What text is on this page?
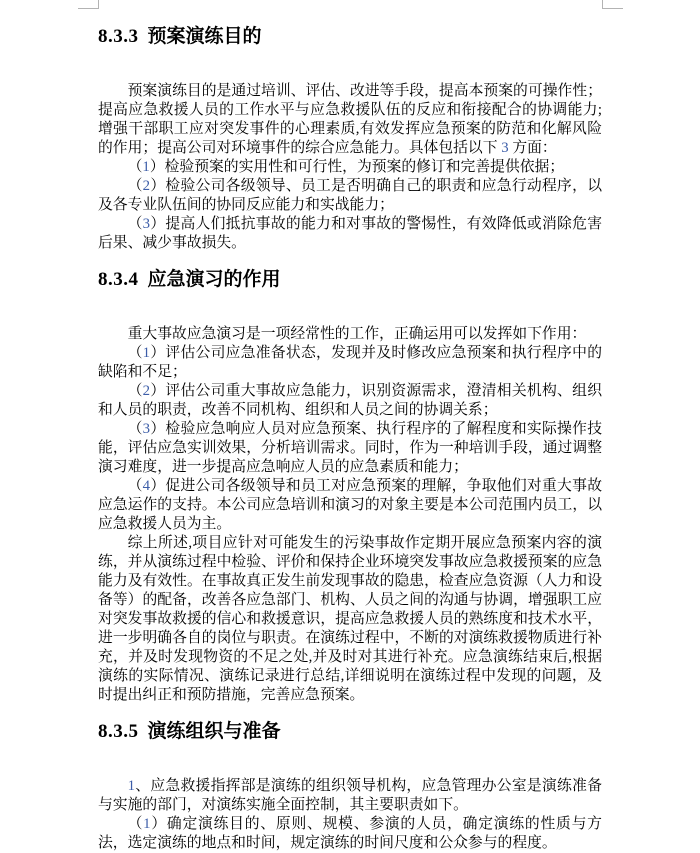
8.3.3 预案演练目的

预案演练目的是通过培训、评估、改进等手段，提高本预案的可操作性；提高应急救援人员的工作水平与应急救援队伍的反应和衔接配合的协调能力;增强干部职工应对突发事件的心理素质,有效发挥应急预案的防范和化解风险的作用；提高公司对环境事件的综合应急能力。具体包括以下 3 方面：

（1）检验预案的实用性和可行性，为预案的修订和完善提供依据；

（2）检验公司各级领导、员工是否明确自己的职责和应急行动程序，以及各专业队伍间的协同反应能力和实战能力；

（3）提高人们抵抗事故的能力和对事故的警惕性，有效降低或消除危害后果、减少事故损失。

8.3.4 应急演习的作用

重大事故应急演习是一项经常性的工作，正确运用可以发挥如下作用：

（1）评估公司应急准备状态，发现并及时修改应急预案和执行程序中的缺陷和不足；

（2）评估公司重大事故应急能力，识别资源需求，澄清相关机构、组织和人员的职责，改善不同机构、组织和人员之间的协调关系；

（3）检验应急响应人员对应急预案、执行程序的了解程度和实际操作技能，评估应急实训效果，分析培训需求。同时，作为一种培训手段，通过调整演习难度，进一步提高应急响应人员的应急素质和能力；

（4）促进公司各级领导和员工对应急预案的理解，争取他们对重大事故应急运作的支持。本公司应急培训和演习的对象主要是本公司范围内员工，以应急救援人员为主。

综上所述,项目应针对可能发生的污染事故作定期开展应急预案内容的演练，并从演练过程中检验、评价和保持企业环境突发事故应急救援预案的应急能力及有效性。在事故真正发生前发现事故的隐患，检查应急资源（人力和设备等）的配备，改善各应急部门、机构、人员之间的沟通与协调，增强职工应对突发事故救援的信心和救援意识，提高应急救援人员的熟练度和技术水平，进一步明确各自的岗位与职责。在演练过程中，不断的对演练救援物质进行补充，并及时发现物资的不足之处,并及时对其进行补充。应急演练结束后,根据演练的实际情况、演练记录进行总结,详细说明在演练过程中发现的问题，及时提出纠正和预防措施，完善应急预案。

8.3.5 演练组织与准备

1、应急救援指挥部是演练的组织领导机构，应急管理办公室是演练准备与实施的部门，对演练实施全面控制，其主要职责如下。

（1）确定演练目的、原则、规模、参演的人员，确定演练的性质与方法，选定演练的地点和时间，规定演练的时间尺度和公众参与的程度。
